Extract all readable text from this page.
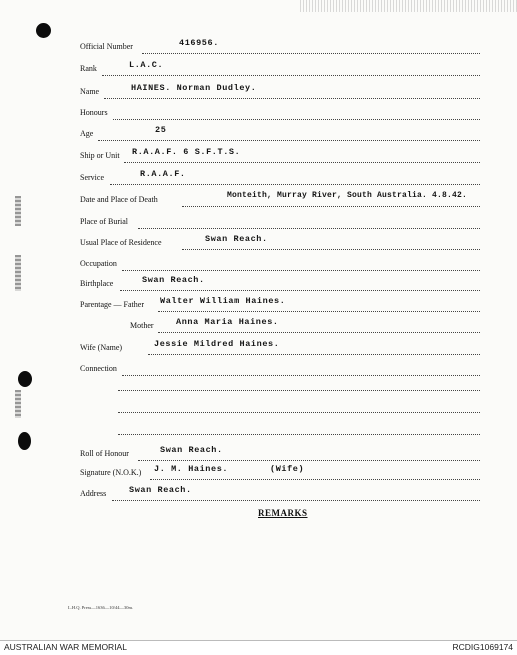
Official Number	416956.
Rank	L.A.C.
Name	HAINES. Norman Dudley.
Honours
Age	25
Ship or Unit R.A.A.F. 6 S.F.T.S.
Service	R.A.A.F.
Date and Place of Death	Monteith, Murray River, South Australia. 4.8.42.
Place of Burial
Usual Place of Residence	Swan Reach.
Occupation
Birthplace	Swan Reach.
Parentage — Father Walter William Haines.
Mother	Anna Maria Haines.
Wife (Name)	Jessie Mildred Haines.
Connection
Roll of Honour	Swan Reach.
Signature (N.O.K.) J. M. Haines.	(Wife)
Address	Swan Reach.
REMARKS
L.H.Q. Press—1636—10/44—30m.
AUSTRALIAN WAR MEMORIAL	RCDIG1069174
